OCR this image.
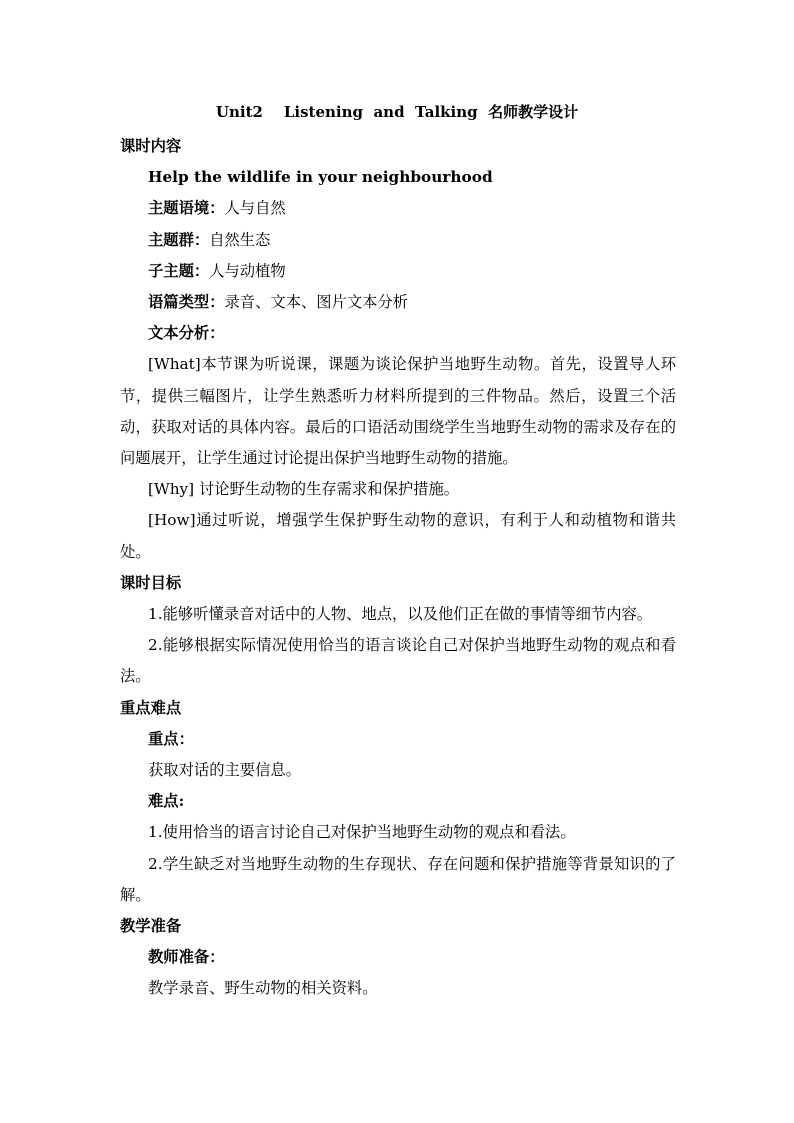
Unit2    Listening  and  Talking  名师教学设计

课时内容

Help the wildlife in your neighbourhood

主题语境：人与自然

主题群：自然生态

子主题：人与动植物

语篇类型：录音、文本、图片文本分析

文本分析：

[What]本节课为听说课，课题为谈论保护当地野生动物。首先，设置导人环节，提供三幅图片，让学生熟悉听力材料所提到的三件物品。然后，设置三个活动，获取对话的具体内容。最后的口语活动围绕学生当地野生动物的需求及存在的问题展开，让学生通过讨论提出保护当地野生动物的措施。

[Why] 讨论野生动物的生存需求和保护措施。

[How]通过听说，增强学生保护野生动物的意识，有利于人和动植物和谐共处。

课时目标

1.能够听懂录音对话中的人物、地点，以及他们正在做的事情等细节内容。

2.能够根据实际情况使用恰当的语言谈论自己对保护当地野生动物的观点和看法。

重点难点

重点：

获取对话的主要信息。

难点:

1.使用恰当的语言讨论自己对保护当地野生动物的观点和看法。

2.学生缺乏对当地野生动物的生存现状、存在问题和保护措施等背景知识的了解。

教学准备

教师准备：

教学录音、野生动物的相关资料。
